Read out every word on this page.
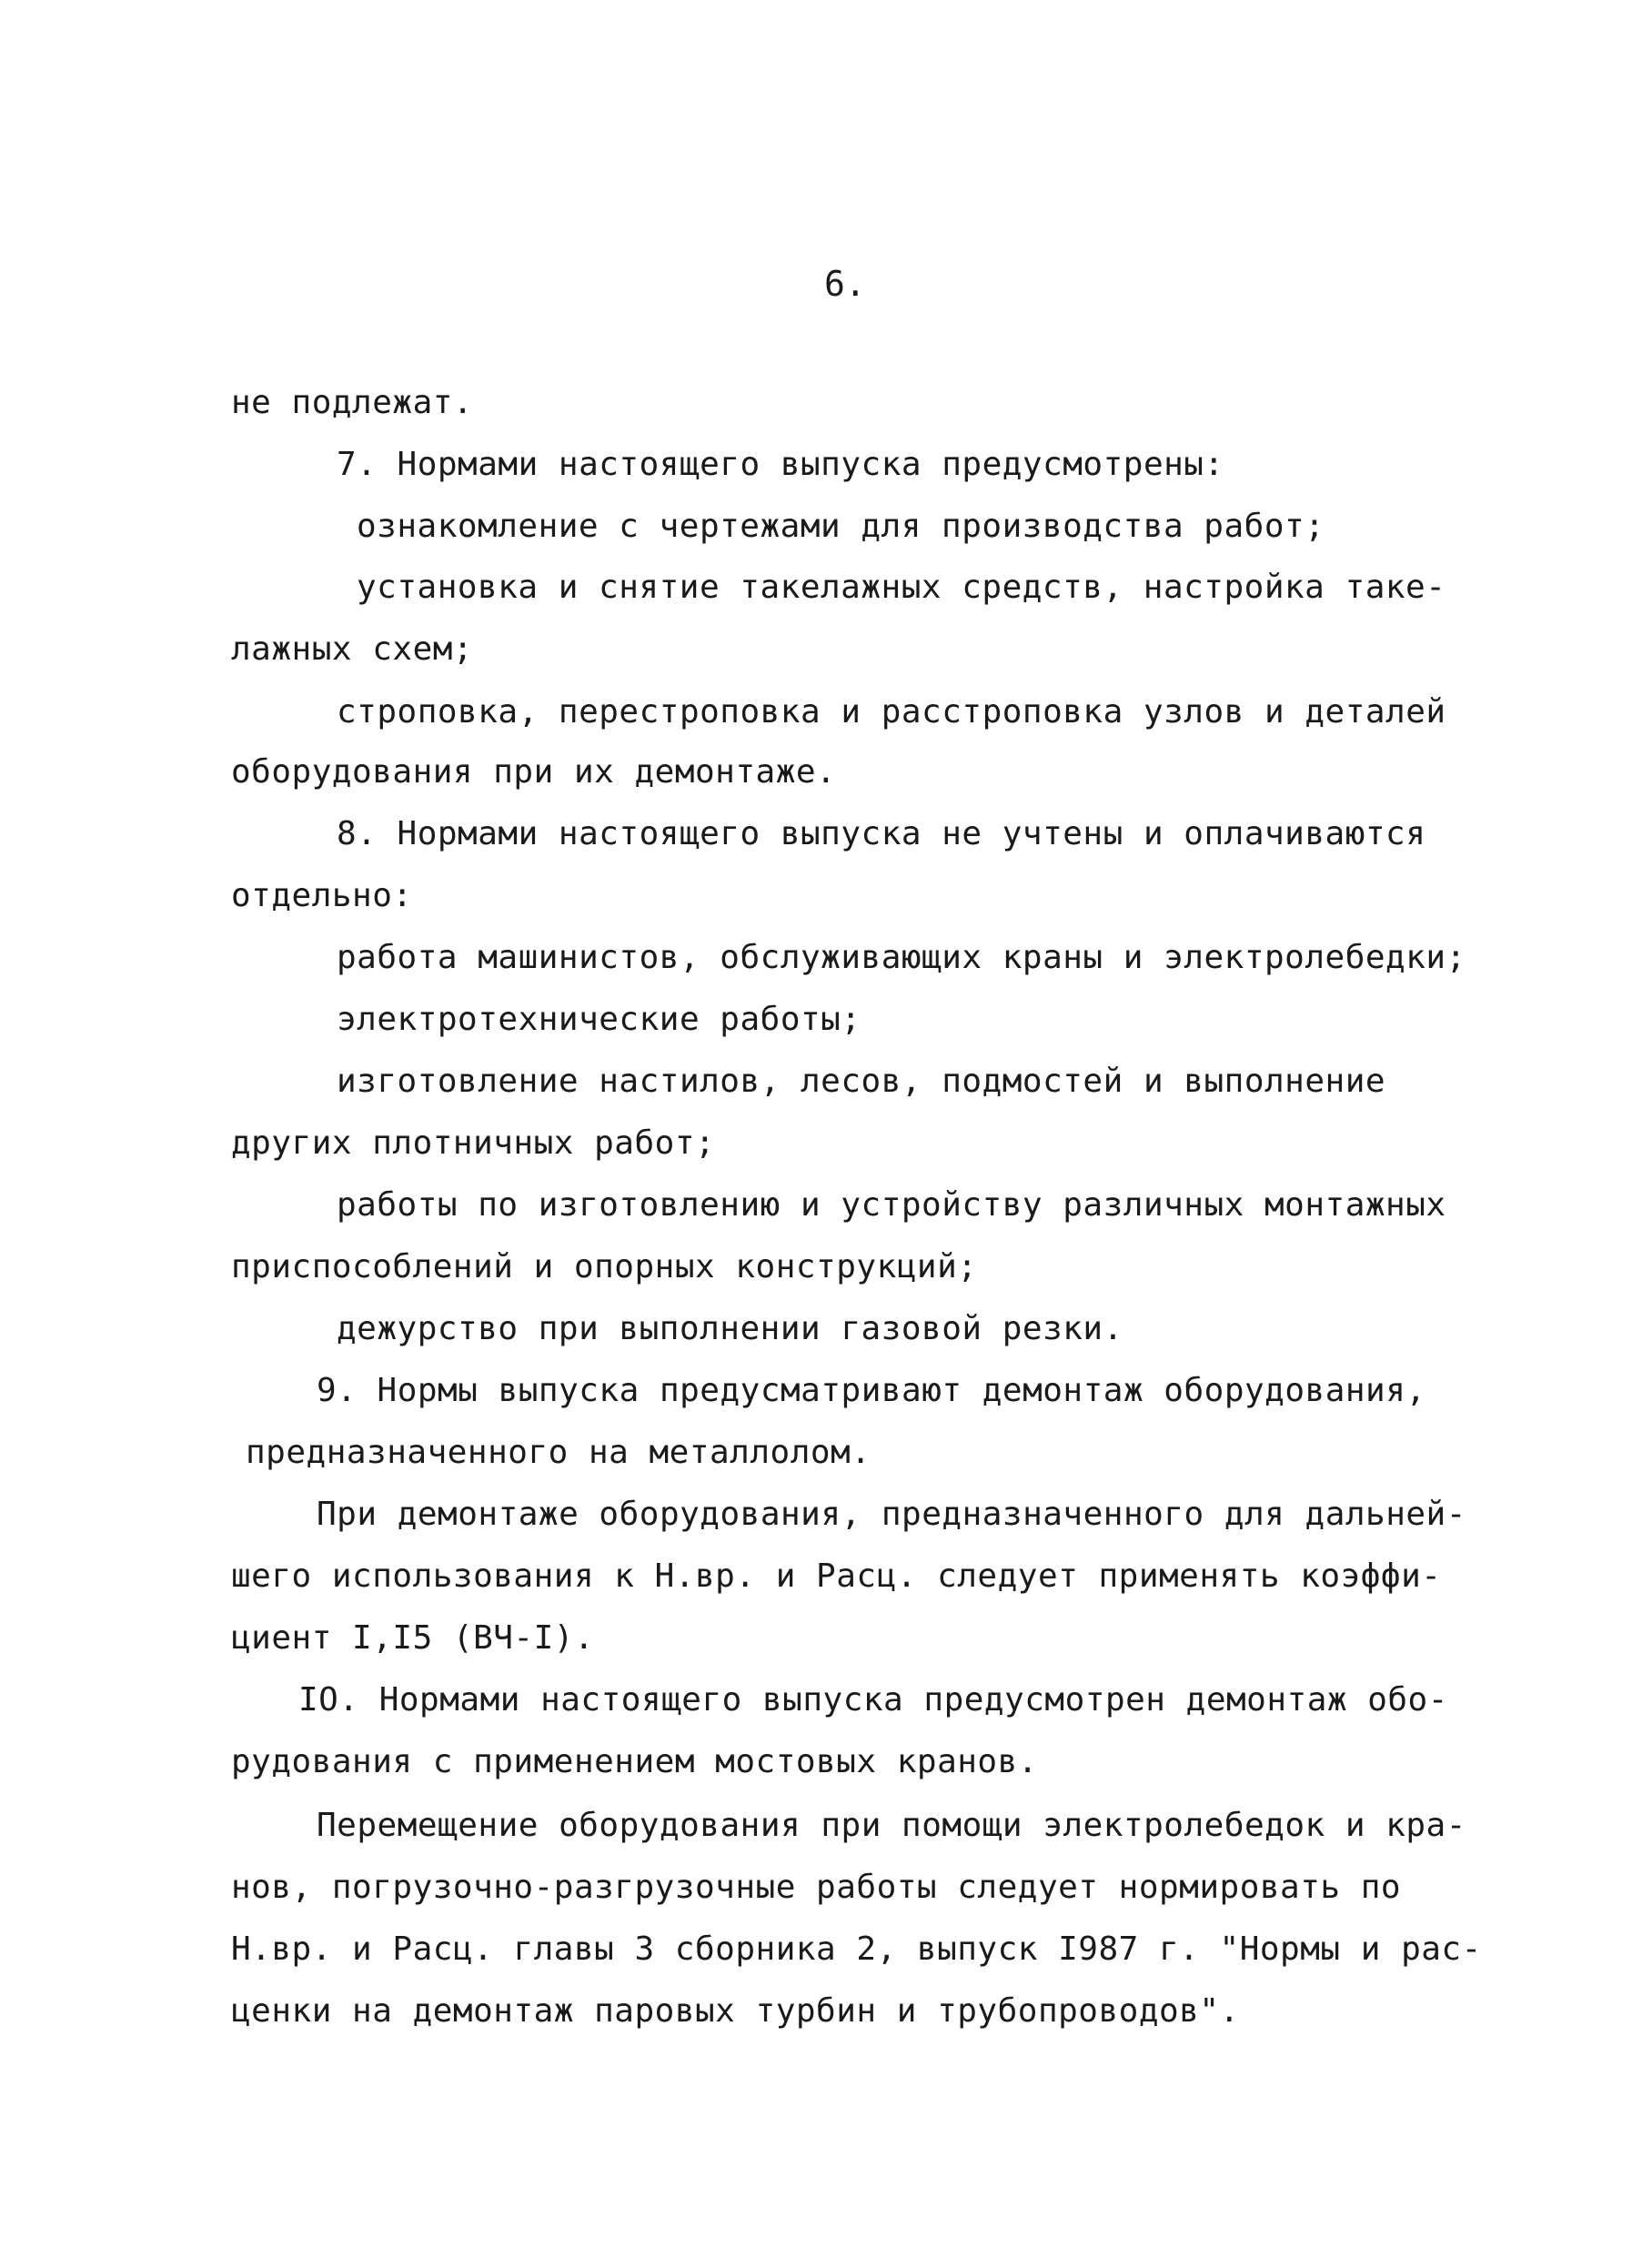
6.
не подлежат.
7. Нормами настоящего выпуска предусмотрены:
ознакомление с чертежами для производства работ;
установка и снятие такелажных средств, настройка таке-
лажных схем;
строповка, перестроповка и расстроповка узлов и деталей
оборудования при их демонтаже.
8. Нормами настоящего выпуска не учтены и оплачиваются
отдельно:
работа машинистов, обслуживающих краны и электролебедки;
электротехнические работы;
изготовление настилов, лесов, подмостей и выполнение
других плотничных работ;
работы по изготовлению и устройству различных монтажных
приспособлений и опорных конструкций;
дежурство при выполнении газовой резки.
9. Нормы выпуска предусматривают демонтаж оборудования,
предназначенного на металлолом.
При демонтаже оборудования, предназначенного для дальней-
шего использования к Н.вр. и Расц. следует применять коэффи-
циент I,I5 (ВЧ-I).
IO. Нормами настоящего выпуска предусмотрен демонтаж обо-
рудования с применением мостовых кранов.
Перемещение оборудования при помощи электролебедок и кра-
нов, погрузочно-разгрузочные работы следует нормировать по
Н.вр. и Расц. главы 3 сборника 2, выпуск I987 г. "Нормы и рас-
ценки на демонтаж паровых турбин и трубопроводов".
